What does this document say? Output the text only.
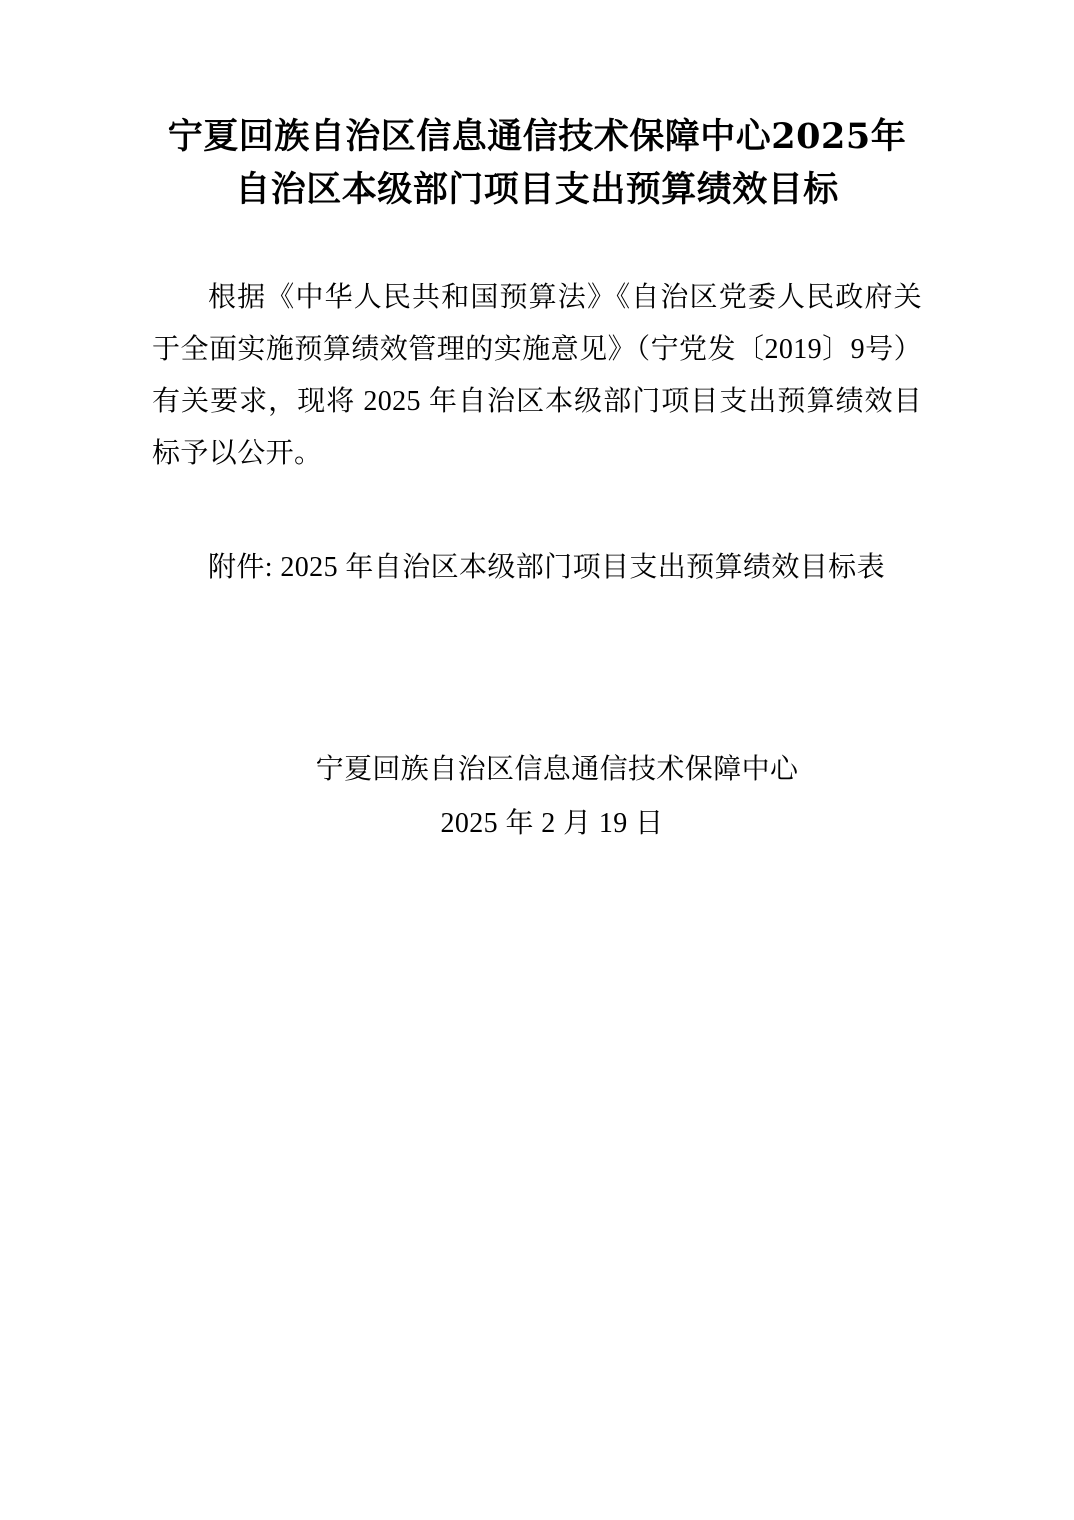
宁夏回族自治区信息通信技术保障中心2025年
自治区本级部门项目支出预算绩效目标

根据《中华人民共和国预算法》《自治区党委人民政府关于全面实施预算绩效管理的实施意见》（宁党发〔2019〕9号）有关要求，现将 2025 年自治区本级部门项目支出预算绩效目标予以公开。

附件: 2025 年自治区本级部门项目支出预算绩效目标表

宁夏回族自治区信息通信技术保障中心
2025 年 2 月 19 日
